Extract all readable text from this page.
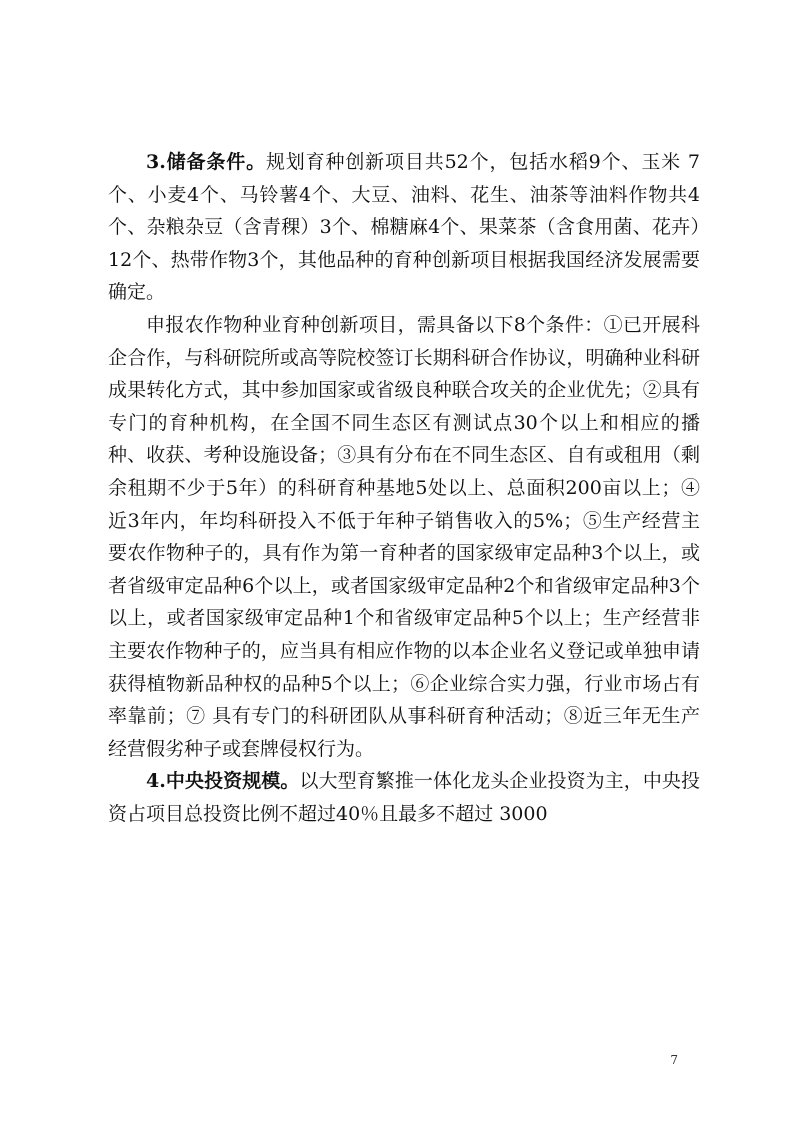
3.储备条件。规划育种创新项目共52个，包括水稻9个、玉米 7个、小麦4个、马铃薯4个、大豆、油料、花生、油茶等油料作物共4个、杂粮杂豆（含青稞）3个、棉糖麻4个、果菜茶（含食用菌、花卉）12个、热带作物3个，其他品种的育种创新项目根据我国经济发展需要确定。

申报农作物种业育种创新项目，需具备以下8个条件：①已开展科企合作，与科研院所或高等院校签订长期科研合作协议，明确种业科研成果转化方式，其中参加国家或省级良种联合攻关的企业优先；②具有专门的育种机构，在全国不同生态区有测试点30个以上和相应的播种、收获、考种设施设备；③具有分布在不同生态区、自有或租用（剩余租期不少于5年）的科研育种基地5处以上、总面积200亩以上；④近3年内，年均科研投入不低于年种子销售收入的5%；⑤生产经营主要农作物种子的，具有作为第一育种者的国家级审定品种3个以上，或者省级审定品种6个以上，或者国家级审定品种2个和省级审定品种3个以上，或者国家级审定品种1个和省级审定品种5个以上；生产经营非主要农作物种子的，应当具有相应作物的以本企业名义登记或单独申请获得植物新品种权的品种5个以上；⑥企业综合实力强，行业市场占有率靠前；⑦ 具有专门的科研团队从事科研育种活动；⑧近三年无生产经营假劣种子或套牌侵权行为。

4.中央投资规模。以大型育繁推一体化龙头企业投资为主，中央投资占项目总投资比例不超过40％且最多不超过 3000

7
